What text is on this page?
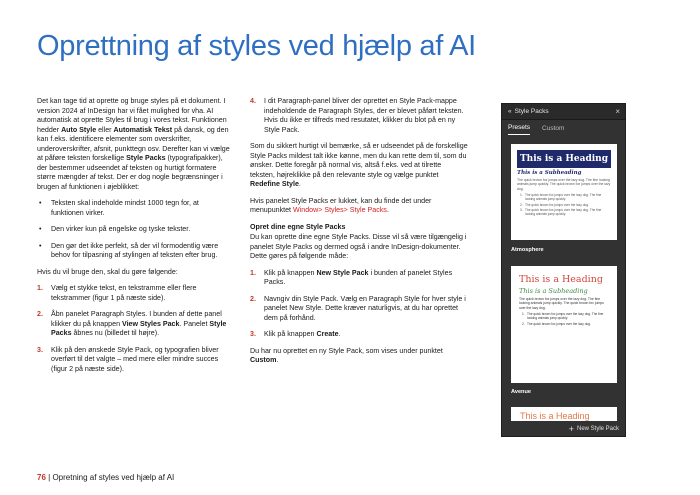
Oprettning af styles ved hjælp af AI

Det kan tage tid at oprette og bruge styles på et dokument. I version 2024 af InDesign har vi fået mulighed for vha. AI automatisk at oprette Styles til brug i vores tekst. Funktionen hedder Auto Style eller Automatisk Tekst på dansk, og den kan f.eks. identificere elementer som overskrifter, underoverskrifter, afsnit, punkttegn osv. Derefter kan vi vælge at påføre teksten forskellige Style Packs (typografipakker), der bestemmer udseendet af teksten og hurtigt formatere større mængder af tekst. Der er dog nogle begrænsninger i brugen af funktionen i øjeblikket:

• Teksten skal indeholde mindst 1000 tegn for, at funktionen virker.
• Den virker kun på engelske og tyske tekster.
• Den gør det ikke perfekt, så der vil formodentlig være behov for tilpasning af stylingen af teksten efter brug.

Hvis du vil bruge den, skal du gøre følgende:

1. Vælg et stykke tekst, en tekstramme eller flere tekstrammer (figur 1 på næste side).
2. Åbn panelet Paragraph Styles. I bunden af dette panel klikker du på knappen View Styles Pack. Panelet Style Packs åbnes nu (billedet til højre).
3. Klik på den ønskede Style Pack, og typografien bliver overført til det valgte – med mere eller mindre succes (figur 2 på næste side).
4. I dit Paragraph-panel bliver der oprettet en Style Pack-mappe indeholdende de Paragraph Styles, der er blevet påført teksten. Hvis du ikke er tilfreds med resutatet, klikker du blot på en ny Style Pack.

Som du sikkert hurtigt vil bemærke, så er udseendet på de forskellige Style Packs mildest talt ikke kønne, men du kan rette dem til, som du ønsker. Dette foregår på normal vis, altså f.eks. ved at tilrette teksten, højreklikke på den relevante style og vælge punktet Redefine Style.

Hvis panelet Style Packs er lukket, kan du finde det under menupunktet Window> Styles> Style Packs.

Opret dine egne Style Packs

Du kan oprette dine egne Style Packs. Disse vil så være tilgængelig i panelet Style Packs og dermed også i andre InDesign-dokumenter. Dette gøres på følgende måde:

1. Klik på knappen New Style Pack i bunden af panelet Styles Packs.
2. Navngiv din Style Pack. Vælg en Paragraph Style for hver style i panelet New Style. Dette kræver naturligvis, at du har oprettet dem på forhånd.
3. Klik på knappen Create.

Du har nu oprettet en ny Style Pack, som vises under punktet Custom.

« Style Packs	×
Presets Custom
This is a Heading
This is a Subheading
The quick brown fox jumps over the lazy dog. The fine looking animals jump quickly. The quick brown fox jumps over the lazy dog.
1. The quick brown fox jumps over the lazy dog. The fine looking animals jump quickly.
2. The quick brown fox jumps over the lazy dog.
3. The quick brown fox jumps over the lazy dog. The fine looking animals jump quickly.
Atmosphere
This is a Heading
This is a Subheading
The quick brown fox jumps over the lazy dog. The fine looking animals jump quickly. The quick brown fox jumps over the lazy dog.
1. The quick brown fox jumps over the lazy dog. The fine looking animals jump quickly.
2. The quick brown fox jumps over the lazy dog.
Avenue
This is a Heading
+ New Style Pack
76 | Opretning af styles ved hjælp af AI
